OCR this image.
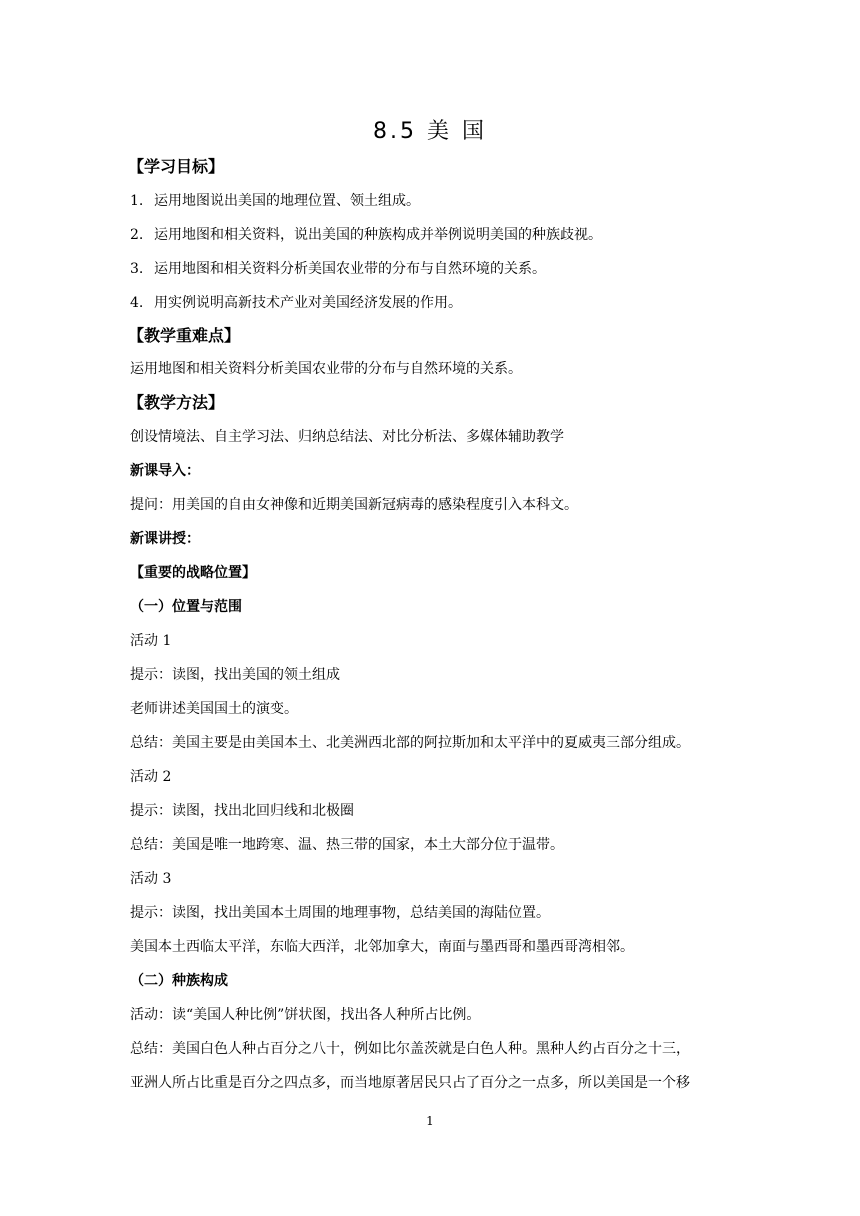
8.5 美 国
【学习目标】
1. 运用地图说出美国的地理位置、领土组成。
2. 运用地图和相关资料，说出美国的种族构成并举例说明美国的种族歧视。
3. 运用地图和相关资料分析美国农业带的分布与自然环境的关系。
4. 用实例说明高新技术产业对美国经济发展的作用。
【教学重难点】
运用地图和相关资料分析美国农业带的分布与自然环境的关系。
【教学方法】
创设情境法、自主学习法、归纳总结法、对比分析法、多媒体辅助教学
新课导入：
提问：用美国的自由女神像和近期美国新冠病毒的感染程度引入本科文。
新课讲授：
【重要的战略位置】
（一）位置与范围
活动 1
提示：读图，找出美国的领土组成
老师讲述美国国土的演变。
总结：美国主要是由美国本土、北美洲西北部的阿拉斯加和太平洋中的夏威夷三部分组成。
活动 2
提示：读图，找出北回归线和北极圈
总结：美国是唯一地跨寒、温、热三带的国家，本土大部分位于温带。
活动 3
提示：读图，找出美国本土周围的地理事物，总结美国的海陆位置。
美国本土西临太平洋，东临大西洋，北邻加拿大，南面与墨西哥和墨西哥湾相邻。
（二）种族构成
活动：读“美国人种比例”饼状图，找出各人种所占比例。
总结：美国白色人种占百分之八十，例如比尔盖茨就是白色人种。黑种人约占百分之十三，
亚洲人所占比重是百分之四点多，而当地原著居民只占了百分之一点多，所以美国是一个移
1
